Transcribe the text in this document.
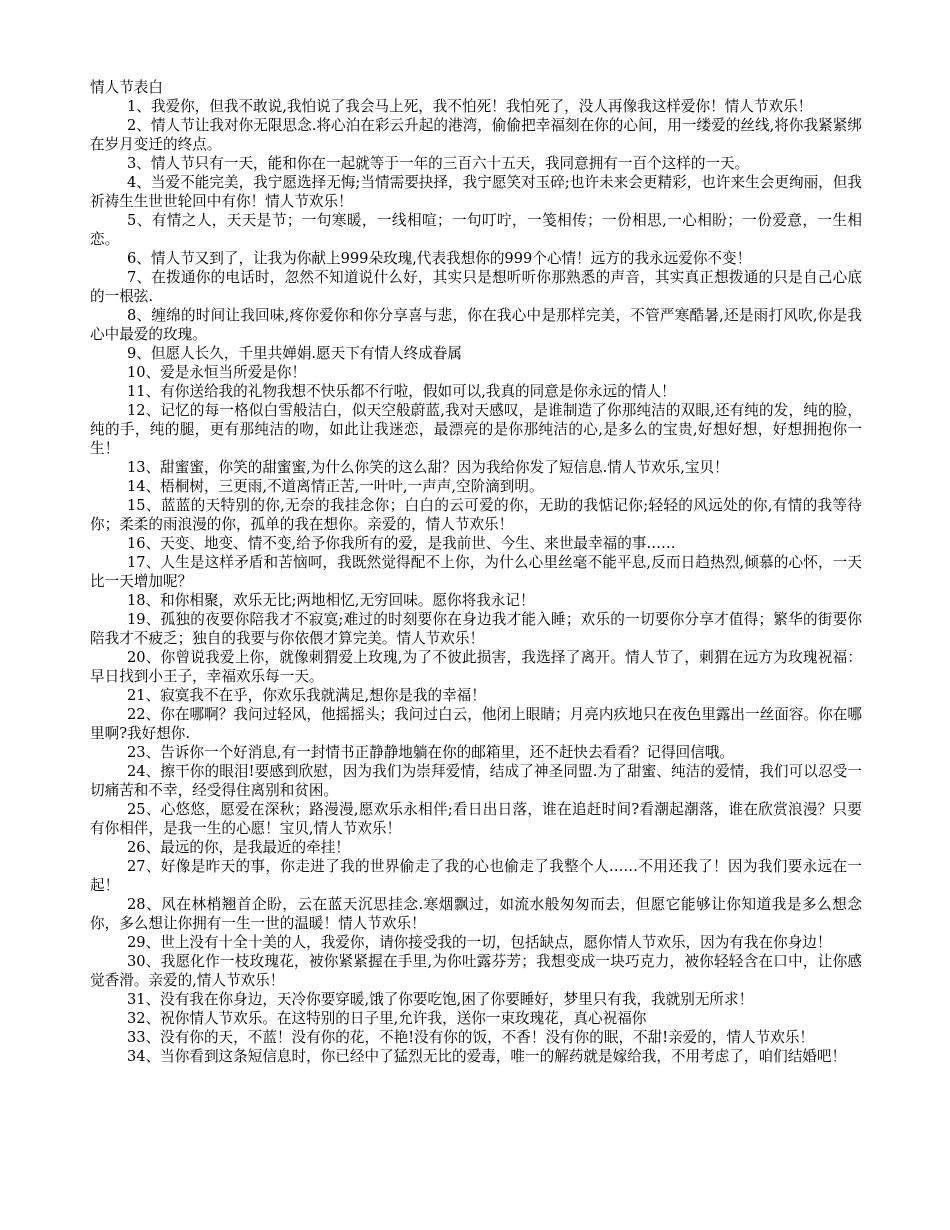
情人节表白

1、我爱你，但我不敢说,我怕说了我会马上死，我不怕死！我怕死了，没人再像我这样爱你！情人节欢乐！

2、情人节让我对你无限思念.将心泊在彩云升起的港湾，偷偷把幸福刻在你的心间，用一缕爱的丝线,将你我紧紧绑在岁月变迁的终点。

3、情人节只有一天，能和你在一起就等于一年的三百六十五天，我同意拥有一百个这样的一天。

4、当爱不能完美，我宁愿选择无悔;当情需要抉择，我宁愿笑对玉碎;也许未来会更精彩，也许来生会更绚丽，但我祈祷生生世世轮回中有你！情人节欢乐！

5、有情之人，天天是节；一句寒暖，一线相喧；一句叮咛，一笺相传；一份相思,一心相盼；一份爱意，一生相恋。

6、情人节又到了，让我为你献上999朵玫瑰,代表我想你的999个心情！远方的我永远爱你不变！

7、在拨通你的电话时，忽然不知道说什么好，其实只是想听听你那熟悉的声音，其实真正想拨通的只是自己心底的一根弦.

8、缠绵的时间让我回味,疼你爱你和你分享喜与悲，你在我心中是那样完美，不管严寒酷暑,还是雨打风吹,你是我心中最爱的玫瑰。

9、但愿人长久，千里共婵娟.愿天下有情人终成眷属

10、爱是永恒当所爱是你！

11、有你送给我的礼物我想不快乐都不行啦，假如可以,我真的同意是你永远的情人！

12、记忆的每一格似白雪般洁白，似天空般蔚蓝,我对天感叹，是谁制造了你那纯洁的双眼,还有纯的发，纯的脸，纯的手，纯的腿，更有那纯洁的吻，如此让我迷恋，最漂亮的是你那纯洁的心,是多么的宝贵,好想好想，好想拥抱你一生！

13、甜蜜蜜，你笑的甜蜜蜜,为什么你笑的这么甜？因为我给你发了短信息.情人节欢乐,宝贝！

14、梧桐树，三更雨,不道离情正苦,一叶叶,一声声,空阶滴到明。

15、蓝蓝的天特别的你,无奈的我挂念你；白白的云可爱的你，无助的我惦记你;轻轻的风远处的你,有情的我等待你；柔柔的雨浪漫的你，孤单的我在想你。亲爱的，情人节欢乐！

16、天变、地变、情不变,给予你我所有的爱，是我前世、今生、来世最幸福的事……

17、人生是这样矛盾和苦恼呵，我既然觉得配不上你，为什么心里丝毫不能平息,反而日趋热烈,倾慕的心怀，一天比一天增加呢？

18、和你相聚，欢乐无比;两地相忆,无穷回味。愿你将我永记！

19、孤独的夜要你陪我才不寂寞;难过的时刻要你在身边我才能入睡；欢乐的一切要你分享才值得；繁华的街要你陪我才不疲乏；独自的我要与你依偎才算完美。情人节欢乐！

20、你曾说我爱上你，就像刺猬爱上玫瑰,为了不彼此损害，我选择了离开。情人节了，刺猬在远方为玫瑰祝福：早日找到小王子，幸福欢乐每一天。

21、寂寞我不在乎，你欢乐我就满足,想你是我的幸福！

22、你在哪啊？我问过轻风，他摇摇头；我问过白云，他闭上眼睛；月亮内疚地只在夜色里露出一丝面容。你在哪里啊?我好想你.

23、告诉你一个好消息,有一封情书正静静地躺在你的邮箱里，还不赶快去看看？记得回信哦。

24、擦干你的眼泪!要感到欣慰，因为我们为崇拜爱情，结成了神圣同盟.为了甜蜜、纯洁的爱情，我们可以忍受一切痛苦和不幸，经受得住离别和贫困。

25、心悠悠，愿爱在深秋；路漫漫,愿欢乐永相伴;看日出日落，谁在追赶时间?看潮起潮落，谁在欣赏浪漫？只要有你相伴，是我一生的心愿！宝贝,情人节欢乐！

26、最远的你，是我最近的牵挂！

27、好像是昨天的事，你走进了我的世界偷走了我的心也偷走了我整个人……不用还我了！因为我们要永远在一起！

28、风在林梢翘首企盼，云在蓝天沉思挂念.寒烟飘过，如流水般匆匆而去，但愿它能够让你知道我是多么想念你，多么想让你拥有一生一世的温暖！情人节欢乐！

29、世上没有十全十美的人，我爱你，请你接受我的一切，包括缺点，愿你情人节欢乐，因为有我在你身边！

30、我愿化作一枝玫瑰花，被你紧紧握在手里,为你吐露芬芳；我想变成一块巧克力，被你轻轻含在口中，让你感觉香滑。亲爱的,情人节欢乐！

31、没有我在你身边，天冷你要穿暖,饿了你要吃饱,困了你要睡好，梦里只有我，我就别无所求！

32、祝你情人节欢乐。在这特别的日子里,允许我，送你一束玫瑰花，真心祝福你

33、没有你的天，不蓝！没有你的花，不艳!没有你的饭，不香！没有你的眠，不甜!亲爱的，情人节欢乐！

34、当你看到这条短信息时，你已经中了猛烈无比的爱毒，唯一的解药就是嫁给我，不用考虑了，咱们结婚吧！
